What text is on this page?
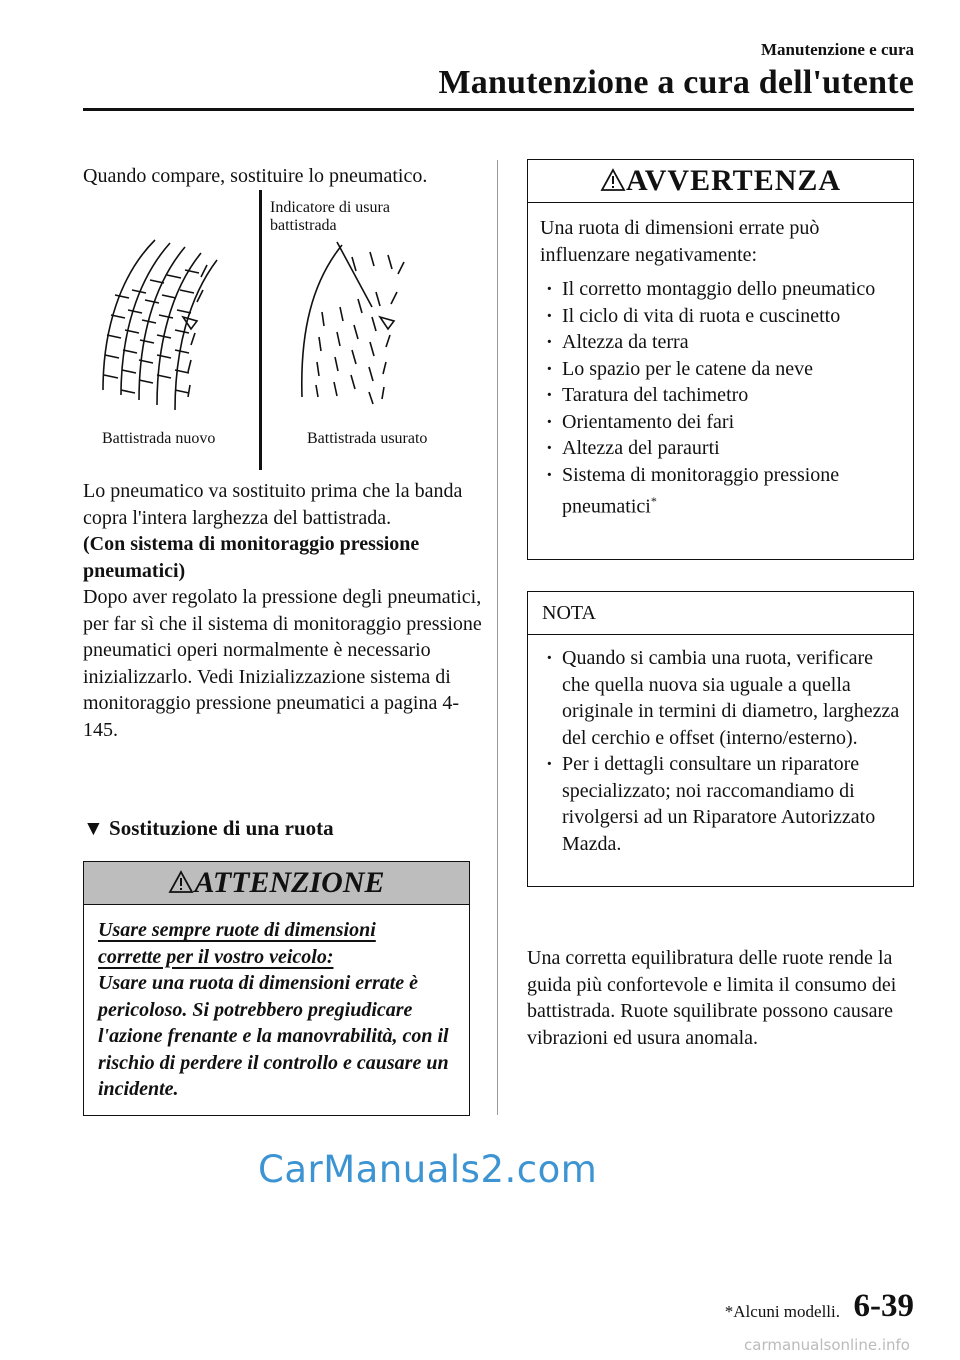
Manutenzione e cura
Manutenzione a cura dell'utente
Quando compare, sostituire lo pneumatico.
Indicatore di usura
battistrada
Battistrada nuovo	Battistrada usurato
Lo pneumatico va sostituito prima che la banda copra l'intera larghezza del battistrada.
(Con sistema di monitoraggio pressione pneumatici)
Dopo aver regolato la pressione degli pneumatici, per far sì che il sistema di monitoraggio pressione pneumatici operi normalmente è necessario inizializzarlo. Vedi Inizializzazione sistema di monitoraggio pressione pneumatici a pagina 4-145.
▼ Sostituzione di una ruota
ATTENZIONE
Usare sempre ruote di dimensioni
corrette per il vostro veicolo:
Usare una ruota di dimensioni errate è pericoloso. Si potrebbero pregiudicare l'azione frenante e la manovrabilità, con il rischio di perdere il controllo e causare un incidente.
AVVERTENZA
Una ruota di dimensioni errate può influenzare negativamente:
· Il corretto montaggio dello pneumatico
· Il ciclo di vita di ruota e cuscinetto
· Altezza da terra
· Lo spazio per le catene da neve
· Taratura del tachimetro
· Orientamento dei fari
· Altezza del paraurti
· Sistema di monitoraggio pressione pneumatici*
NOTA
· Quando si cambia una ruota, verificare che quella nuova sia uguale a quella originale in termini di diametro, larghezza del cerchio e offset (interno/esterno).
· Per i dettagli consultare un riparatore specializzato; noi raccomandiamo di rivolgersi ad un Riparatore Autorizzato Mazda.
Una corretta equilibratura delle ruote rende la guida più confortevole e limita il consumo dei battistrada. Ruote squilibrate possono causare vibrazioni ed usura anomala.
CarManuals2.com
*Alcuni modelli. 6-39
carmanualsonline.info
